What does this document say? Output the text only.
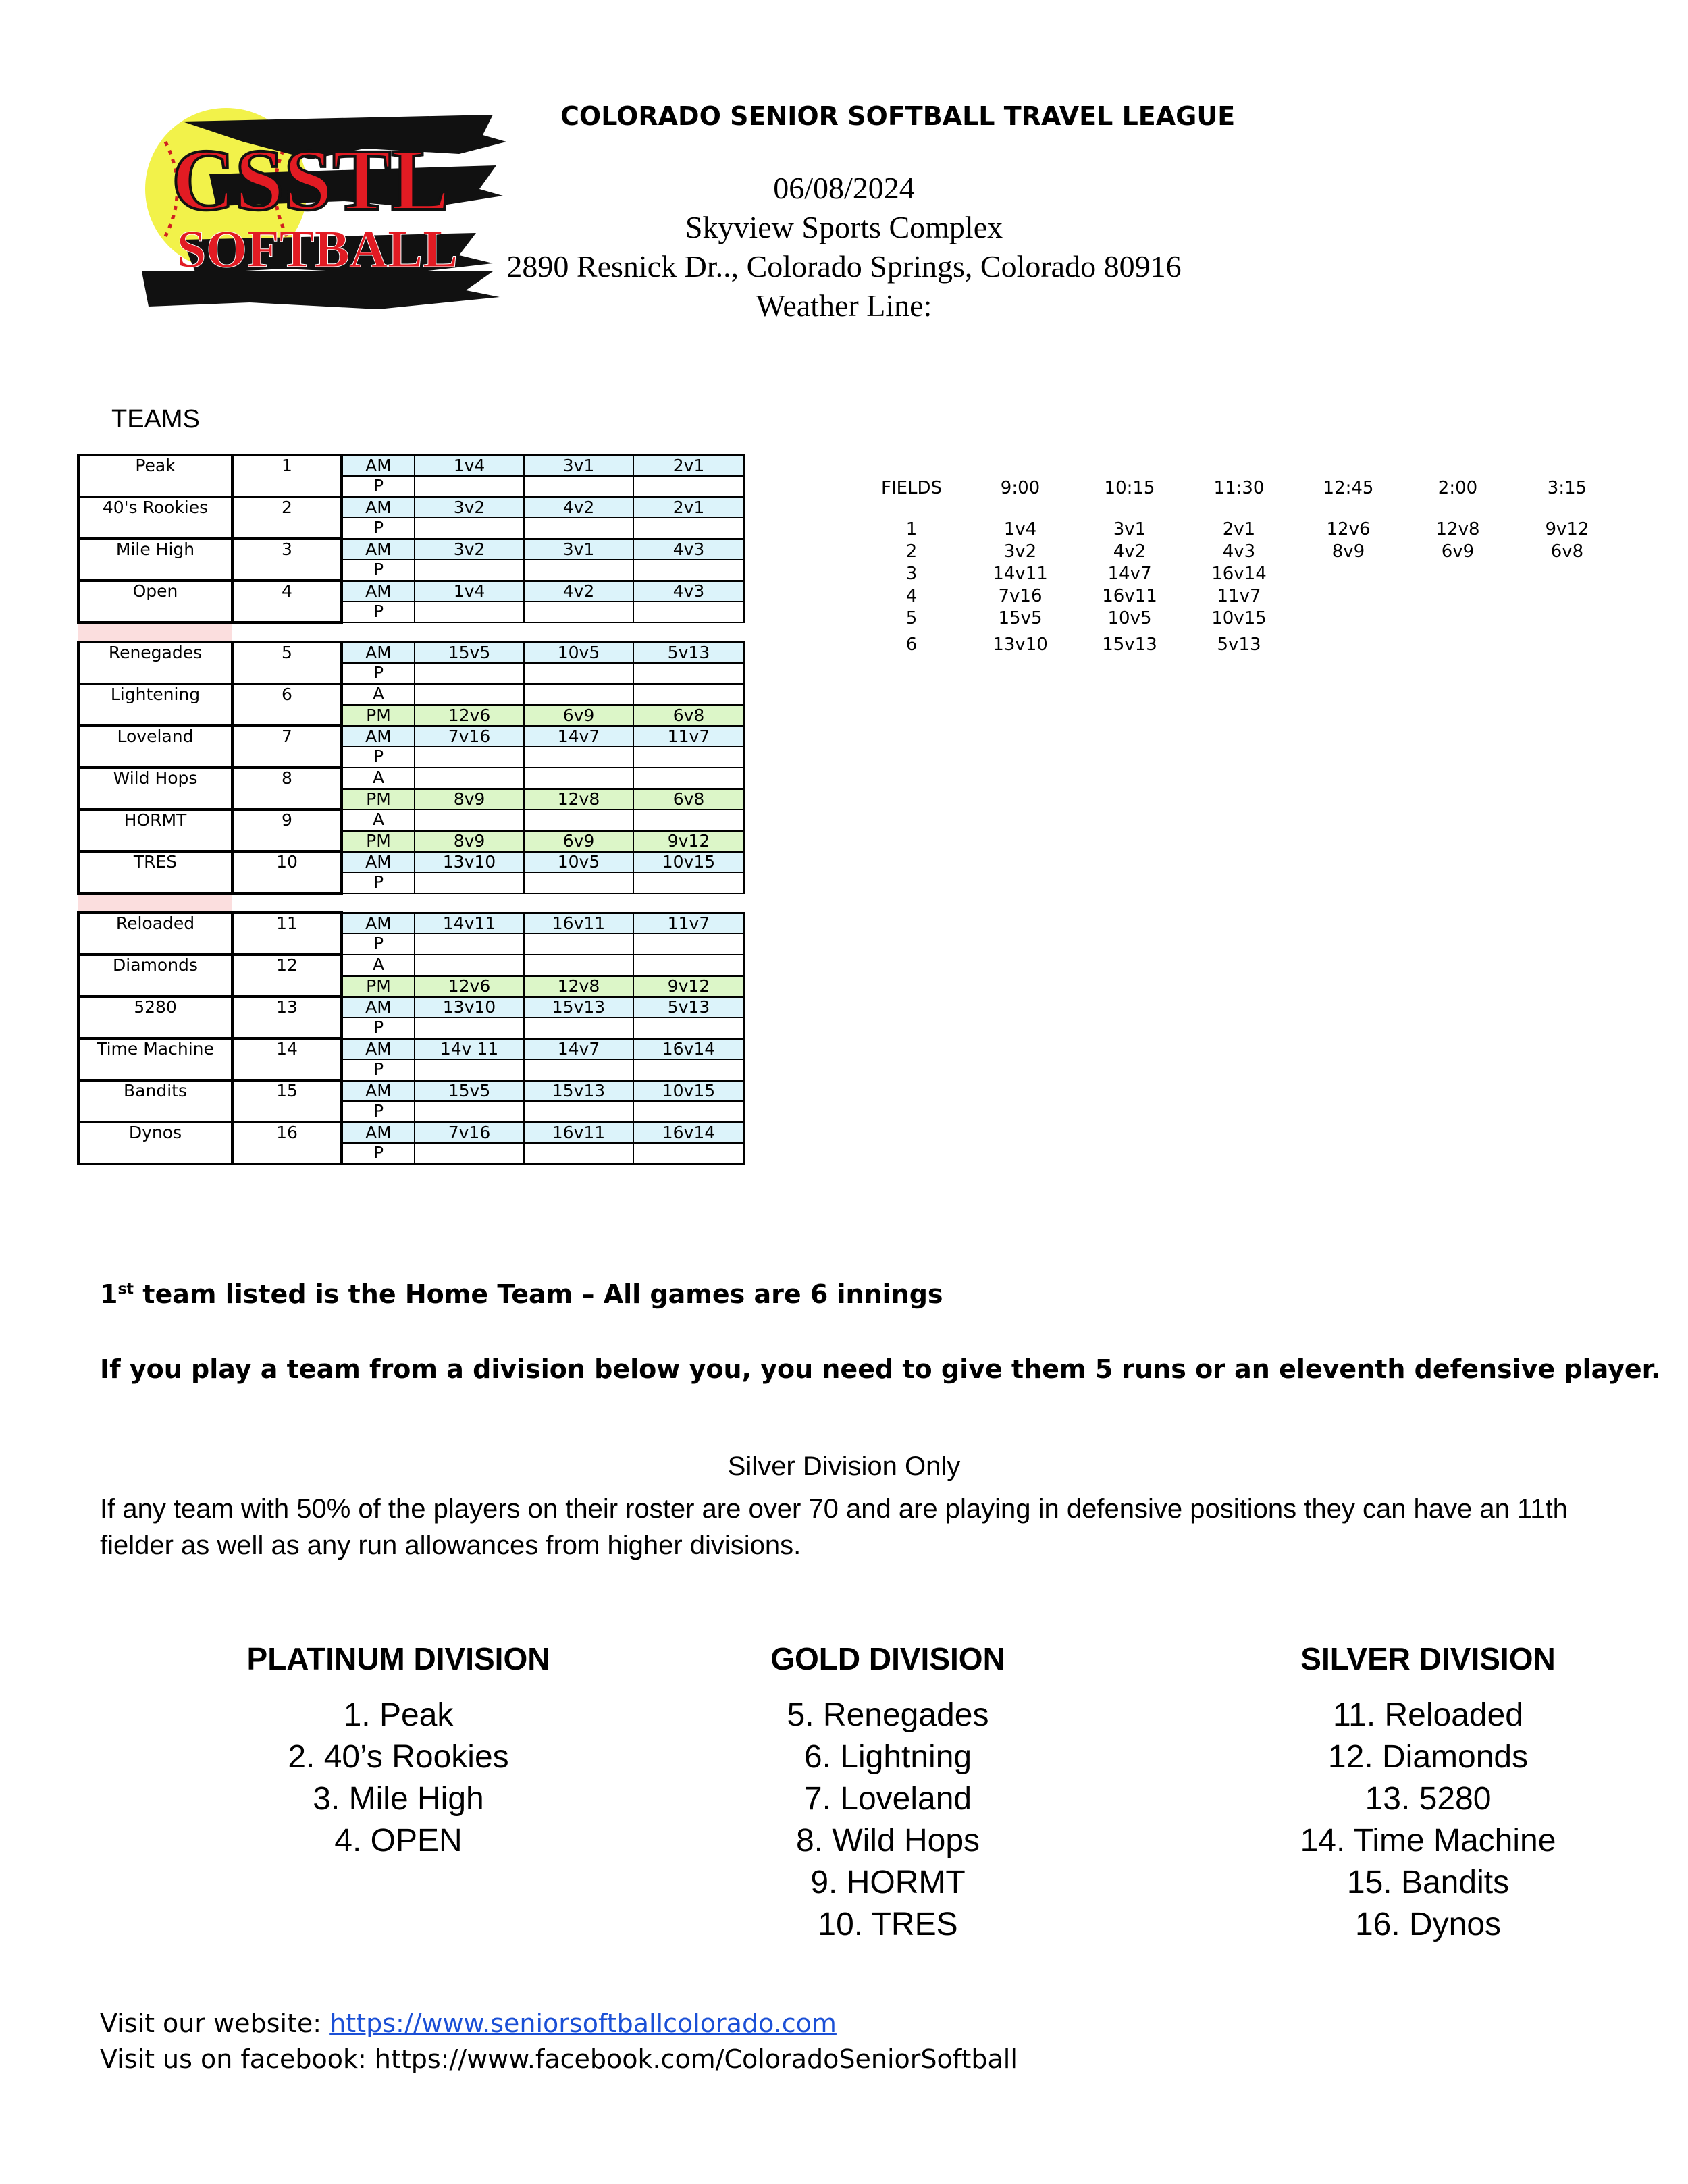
CSSTL
SOFTBALL
COLORADO SENIOR SOFTBALL TRAVEL LEAGUE
06/08/2024
Skyview Sports Complex
2890 Resnick Dr.., Colorado Springs, Colorado 80916
Weather Line:
TEAMS
Peak	1	AM	1v4	3v1	2v1
		P			
40's Rookies	2	AM	3v2	4v2	2v1
		P			
Mile High	3	AM	3v2	3v1	4v3
		P			
Open	4	AM	1v4	4v2	4v3
		P			

Renegades	5	AM	15v5	10v5	5v13
		P			
Lightening	6	A			
		PM	12v6	6v9	6v8
Loveland	7	AM	7v16	14v7	11v7
		P			
Wild Hops	8	A			
		PM	8v9	12v8	6v8
HORMT	9	A			
		PM	8v9	6v9	9v12
TRES	10	AM	13v10	10v5	10v15
		P			

Reloaded	11	AM	14v11	16v11	11v7
		P			
Diamonds	12	A			
		PM	12v6	12v8	9v12
5280	13	AM	13v10	15v13	5v13
		P			
Time Machine	14	AM	14v 11	14v7	16v14
		P			
Bandits	15	AM	15v5	15v13	10v15
		P			
Dynos	16	AM	7v16	16v11	16v14
		P			
FIELDS	9:00	10:15	11:30	12:45	2:00	3:15

1	1v4	3v1	2v1	12v6	12v8	9v12
2	3v2	4v2	4v3	8v9	6v9	6v8
3	14v11	14v7	16v14			
4	7v16	16v11	11v7			
5	15v5	10v5	10v15			
6	13v10	15v13	5v13			
1st team listed is the Home Team – All games are 6 innings
If you play a team from a division below you, you need to give them 5 runs or an eleventh defensive player.
Silver Division Only
If any team with 50% of the players on their roster are over 70 and are playing in defensive positions they can have an 11th fielder as well as any run allowances from higher divisions.
PLATINUM DIVISION
1. Peak
2. 40’s Rookies
3. Mile High
4. OPEN
GOLD DIVISION
5. Renegades
6. Lightning
7. Loveland
8. Wild Hops
9. HORMT
10. TRES
SILVER DIVISION
11. Reloaded
12. Diamonds
13. 5280
14. Time Machine
15. Bandits
16. Dynos
Visit our website: https://www.seniorsoftballcolorado.com
Visit us on facebook: https://www.facebook.com/ColoradoSeniorSoftball
